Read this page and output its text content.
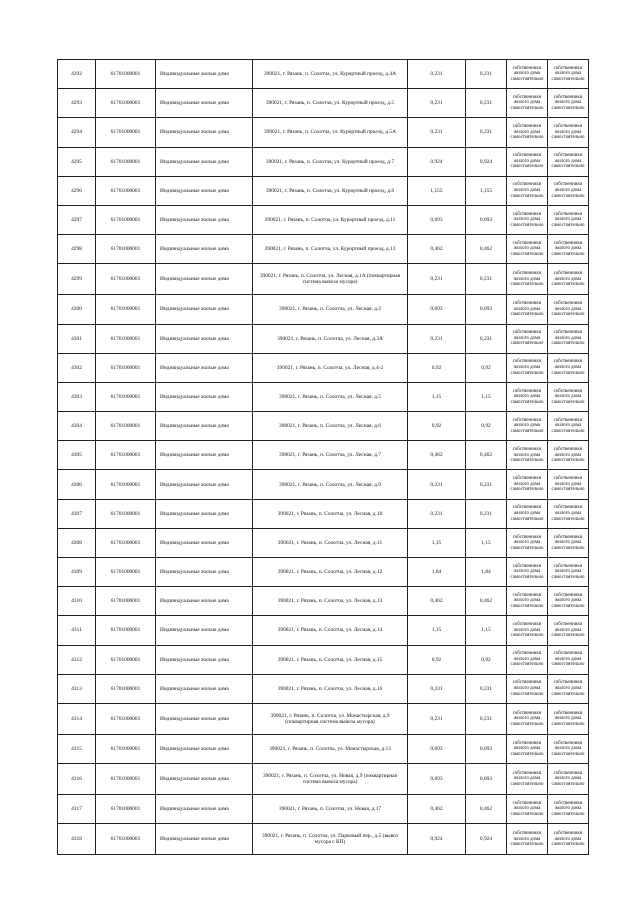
4292	61701000001	Индивидуальные жилые дома	390021, г. Рязань, п. Солотча, ул. Курортный проезд, д.4А	0,231	0,231	собственники жилого дома самостоятельно	собственники жилого дома самостоятельно
4293	61701000001	Индивидуальные жилые дома	390021, г. Рязань, п. Солотча, ул. Курортный проезд, д.5	0,231	0,231	собственники жилого дома самостоятельно	собственники жилого дома самостоятельно
4294	61701000001	Индивидуальные жилые дома	390021, г. Рязань, п. Солотча, ул. Курортный проезд, д.5А	0,231	0,231	собственники жилого дома самостоятельно	собственники жилого дома самостоятельно
4295	61701000001	Индивидуальные жилые дома	390021, г. Рязань, п. Солотча, ул. Курортный проезд, д.7	0,924	0,924	собственники жилого дома самостоятельно	собственники жилого дома самостоятельно
4296	61701000001	Индивидуальные жилые дома	390021, г. Рязань, п. Солотча, ул. Курортный проезд, д.8	1,155	1,155	собственники жилого дома самостоятельно	собственники жилого дома самостоятельно
4297	61701000001	Индивидуальные жилые дома	390021, г. Рязань, п. Солотча, ул. Курортный проезд, д.11	0,693	0,693	собственники жилого дома самостоятельно	собственники жилого дома самостоятельно
4298	61701000001	Индивидуальные жилые дома	390021, г. Рязань, п. Солотча, ул. Курортный проезд, д.13	0,462	0,462	собственники жилого дома самостоятельно	собственники жилого дома самостоятельно
4299	61701000001	Индивидуальные жилые дома	390021, г. Рязань, п. Солотча, ул. Лесная, д.1А (поквартирная система вывоза мусора)	0,231	0,231	собственники жилого дома самостоятельно	собственники жилого дома самостоятельно
4300	61701000001	Индивидуальные жилые дома	390021, г. Рязань, п. Солотча, ул. Лесная, д.2	0,693	0,693	собственники жилого дома самостоятельно	собственники жилого дома самостоятельно
4301	61701000001	Индивидуальные жилые дома	390021, г. Рязань, п. Солотча, ул. Лесная, д.3А	0,231	0,231	собственники жилого дома самостоятельно	собственники жилого дома самостоятельно
4302	61701000001	Индивидуальные жилые дома	390021, г. Рязань, п. Солотча, ул. Лесная, д.4-2	0,92	0,92	собственники жилого дома самостоятельно	собственники жилого дома самостоятельно
4303	61701000001	Индивидуальные жилые дома	390021, г. Рязань, п. Солотча, ул. Лесная, д.5	1,15	1,15	собственники жилого дома самостоятельно	собственники жилого дома самостоятельно
4304	61701000001	Индивидуальные жилые дома	390021, г. Рязань, п. Солотча, ул. Лесная, д.6	0,92	0,92	собственники жилого дома самостоятельно	собственники жилого дома самостоятельно
4305	61701000001	Индивидуальные жилые дома	390021, г. Рязань, п. Солотча, ул. Лесная, д.7	0,462	0,462	собственники жилого дома самостоятельно	собственники жилого дома самостоятельно
4306	61701000001	Индивидуальные жилые дома	390021, г. Рязань, п. Солотча, ул. Лесная, д.9	0,231	0,231	собственники жилого дома самостоятельно	собственники жилого дома самостоятельно
4307	61701000001	Индивидуальные жилые дома	390021, г. Рязань, п. Солотча, ул. Лесная, д.10	0,231	0,231	собственники жилого дома самостоятельно	собственники жилого дома самостоятельно
4308	61701000001	Индивидуальные жилые дома	390021, г. Рязань, п. Солотча, ул. Лесная, д.11	1,15	1,15	собственники жилого дома самостоятельно	собственники жилого дома самостоятельно
4309	61701000001	Индивидуальные жилые дома	390021, г. Рязань, п. Солотча, ул. Лесная, д.12	1,84	1,84	собственники жилого дома самостоятельно	собственники жилого дома самостоятельно
4310	61701000001	Индивидуальные жилые дома	390021, г. Рязань, п. Солотча, ул. Лесная, д.13	0,462	0,462	собственники жилого дома самостоятельно	собственники жилого дома самостоятельно
4311	61701000001	Индивидуальные жилые дома	390021, г. Рязань, п. Солотча, ул. Лесная, д.14	1,15	1,15	собственники жилого дома самостоятельно	собственники жилого дома самостоятельно
4312	61701000001	Индивидуальные жилые дома	390021, г. Рязань, п. Солотча, ул. Лесная, д.15	0,92	0,92	собственники жилого дома самостоятельно	собственники жилого дома самостоятельно
4313	61701000001	Индивидуальные жилые дома	390021, г. Рязань, п. Солотча, ул. Лесная, д.16	0,231	0,231	собственники жилого дома самостоятельно	собственники жилого дома самостоятельно
4314	61701000001	Индивидуальные жилые дома	390021, г. Рязань, п. Солотча, ул. Монастырская, д.9 (поквартирная система вывоза мусора)	0,231	0,231	собственники жилого дома самостоятельно	собственники жилого дома самостоятельно
4315	61701000001	Индивидуальные жилые дома	390021, г. Рязань, п. Солотча, ул. Монастырская, д.13	0,693	0,693	собственники жилого дома самостоятельно	собственники жилого дома самостоятельно
4316	61701000001	Индивидуальные жилые дома	390021, г. Рязань, п. Солотча, ул. Новая, д.9 (поквартирная система вывоза мусора)	0,693	0,693	собственники жилого дома самостоятельно	собственники жилого дома самостоятельно
4317	61701000001	Индивидуальные жилые дома	390021, г. Рязань, п. Солотча, ул. Новая, д.17	0,462	0,462	собственники жилого дома самостоятельно	собственники жилого дома самостоятельно
4318	61701000001	Индивидуальные жилые дома	390021, г. Рязань, п. Солотча, ул. Парковый пер., д.5 (вывоз мусора с КП)	0,924	0,924	собственники жилого дома самостоятельно	собственники жилого дома самостоятельно
